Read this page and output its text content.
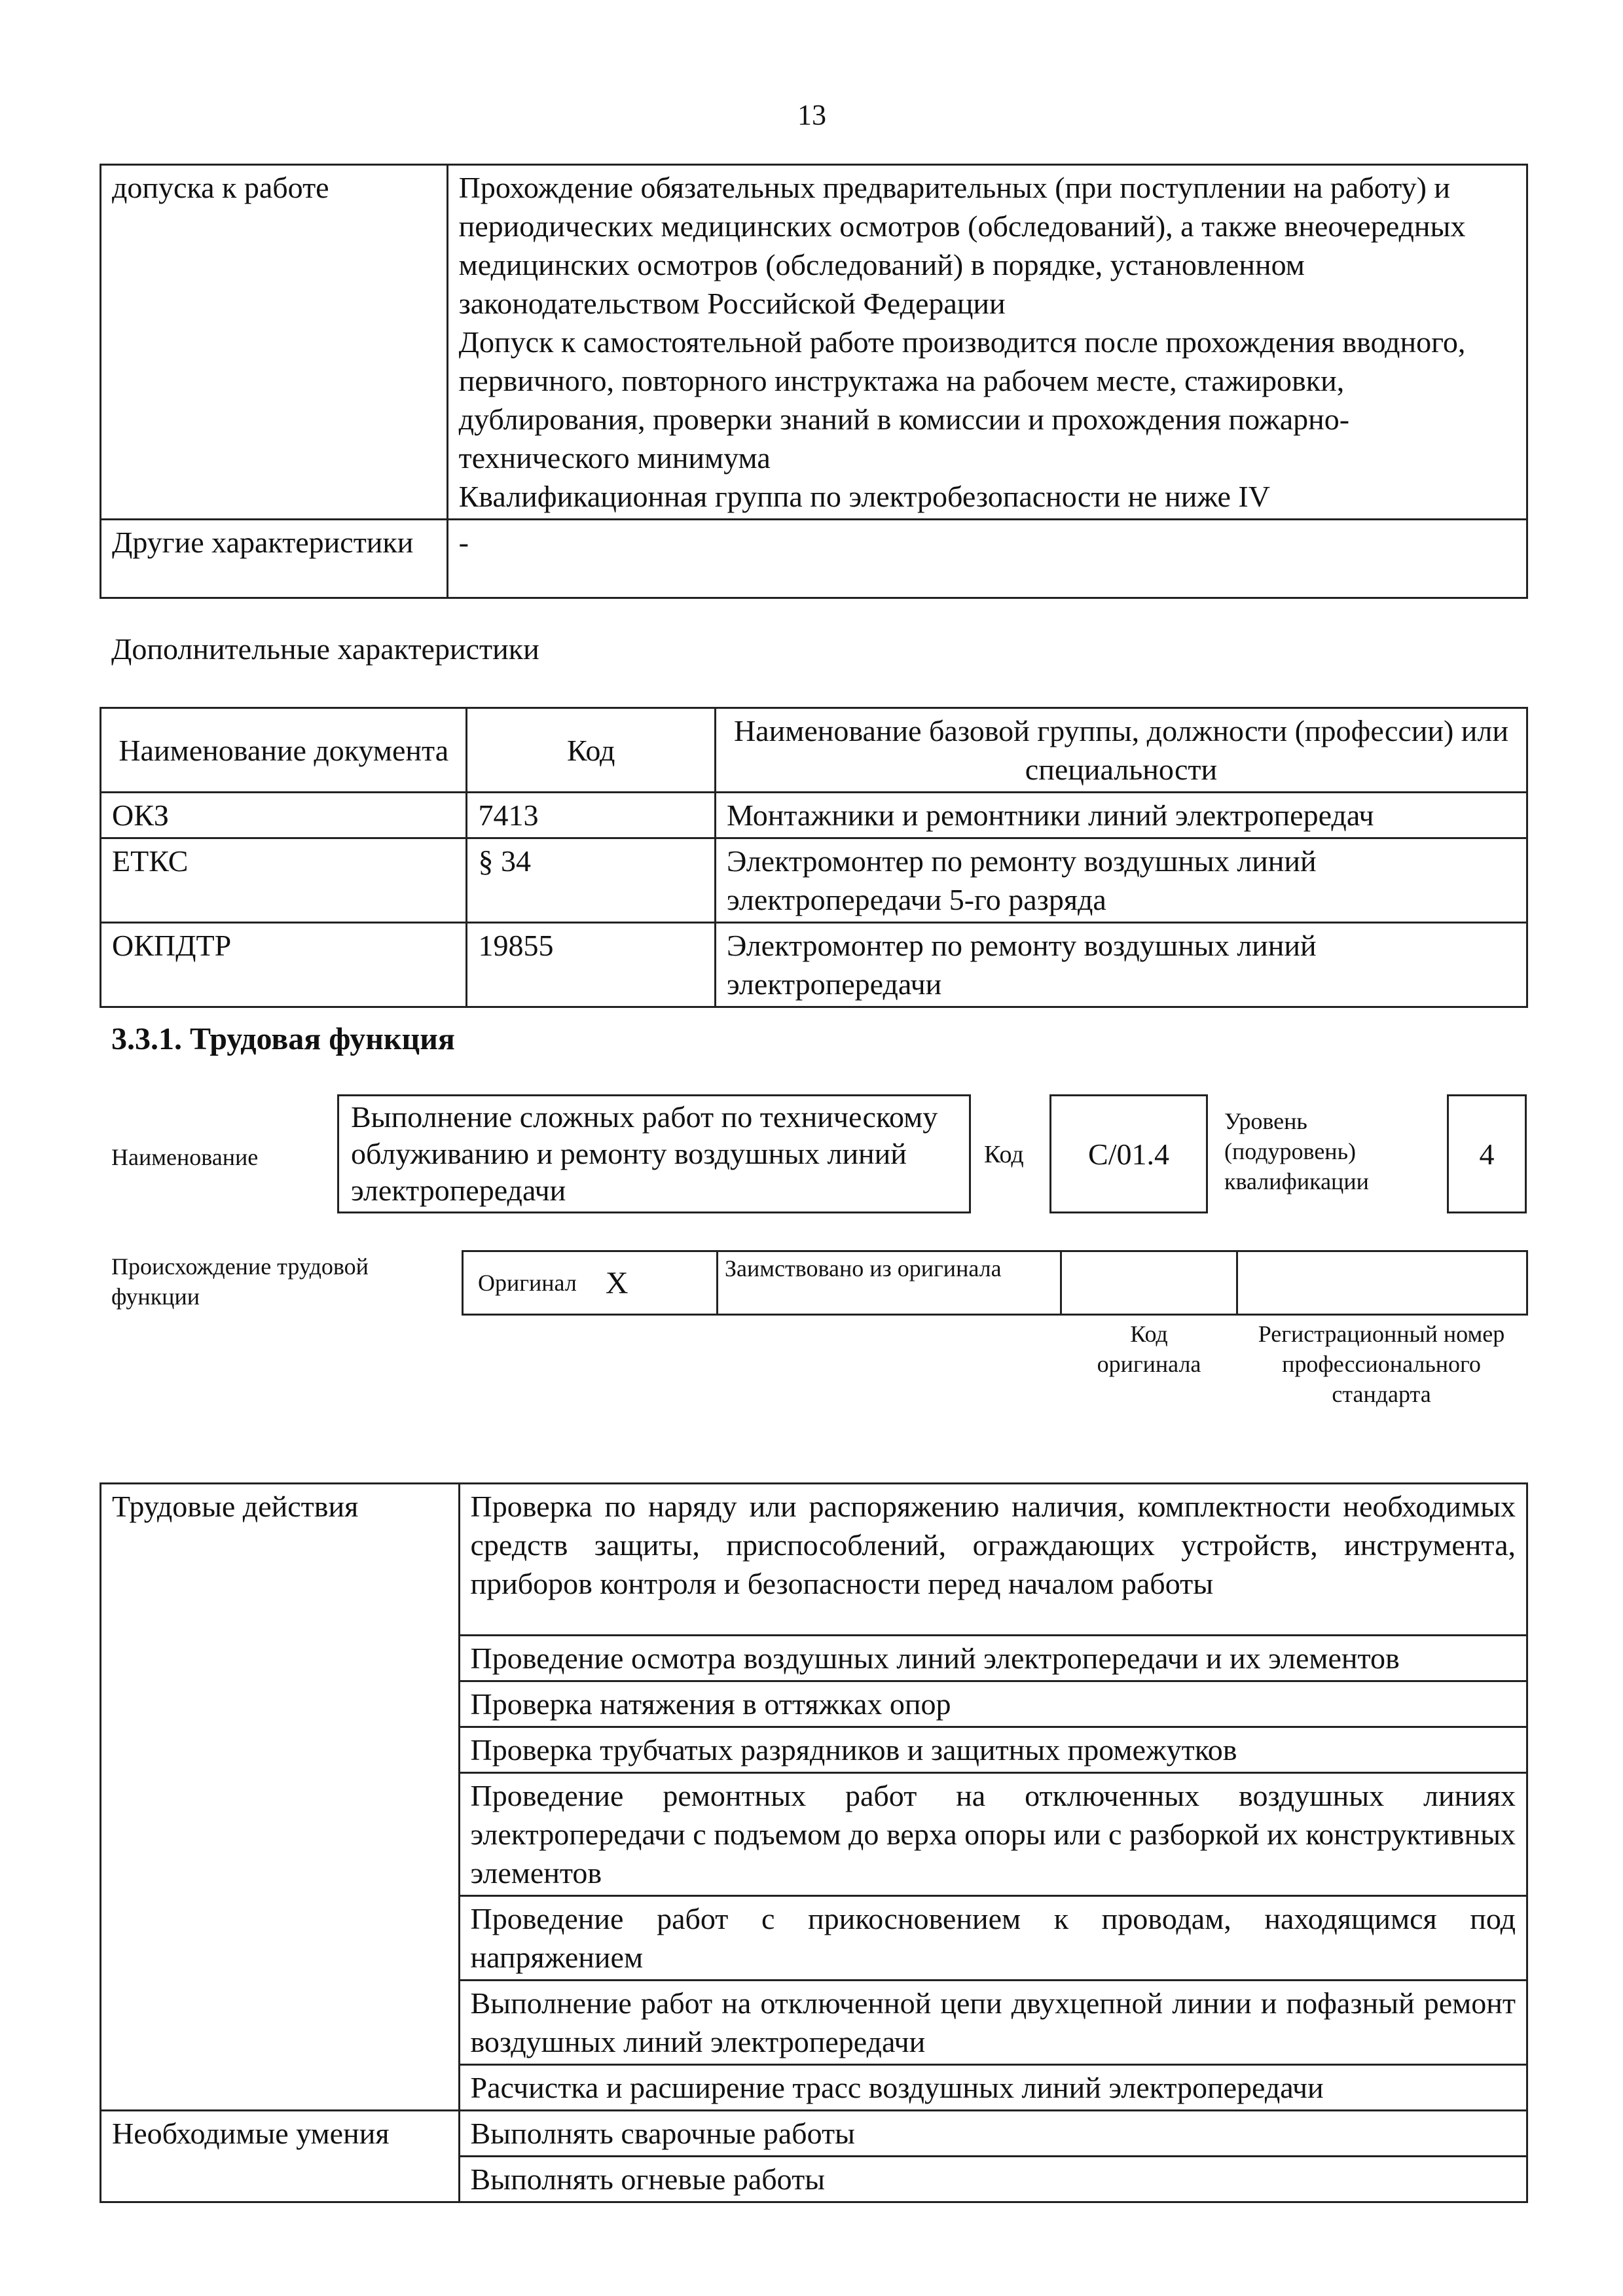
13
допуска к работе	Прохождение обязательных предварительных (при поступлении на работу) и периодических медицинских осмотров (обследований), а также внеочередных медицинских осмотров (обследований) в порядке, установленном законодательством Российской Федерации
Допуск к самостоятельной работе производится после прохождения вводного, первичного, повторного инструктажа на рабочем месте, стажировки, дублирования, проверки знаний в комиссии и прохождения пожарно-технического минимума
Квалификационная группа по электробезопасности не ниже IV

Другие характеристики	-
Дополнительные характеристики
Наименование документа	Код	Наименование базовой группы, должности (профессии) или специальности
ОКЗ	7413	Монтажники и ремонтники линий электропередач
ЕТКС	§ 34	Электромонтер по ремонту воздушных линий электропередачи 5-го разряда
ОКПДТР	19855	Электромонтер по ремонту воздушных линий электропередачи
3.3.1. Трудовая функция
Наименование
Выполнение сложных работ по техническому облуживанию и ремонту воздушных линий электропередачи
Код C/01.4
Уровень (подуровень) квалификации
4
Происхождение трудовой функции
Оригинал X	Заимствовано из оригинала
Код оригинала
Регистрационный номер профессионального стандарта
Трудовые действия	Проверка по наряду или распоряжению наличия, комплектности необходимых средств защиты, приспособлений, ограждающих устройств, инструмента, приборов контроля и безопасности перед началом работы
	Проведение осмотра воздушных линий электропередачи и их элементов
	Проверка натяжения в оттяжках опор
	Проверка трубчатых разрядников и защитных промежутков
	Проведение ремонтных работ на отключенных воздушных линиях электропередачи с подъемом до верха опоры или с разборкой их конструктивных элементов
	Проведение работ с прикосновением к проводам, находящимся под напряжением
	Выполнение работ на отключенной цепи двухцепной линии и пофазный ремонт воздушных линий электропередачи
	Расчистка и расширение трасс воздушных линий электропередачи
Необходимые умения	Выполнять сварочные работы
	Выполнять огневые работы
